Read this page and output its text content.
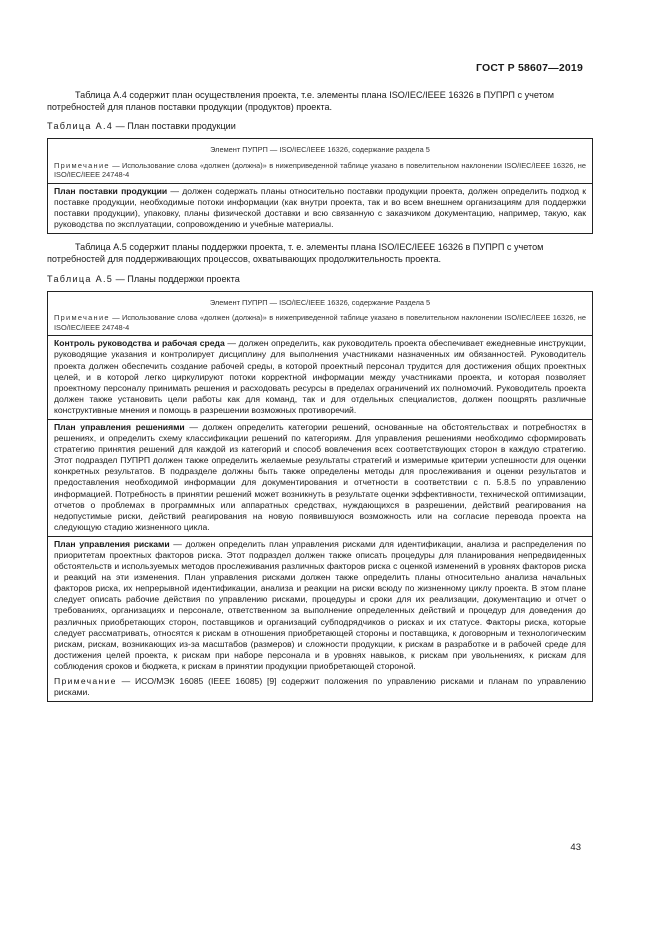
ГОСТ Р 58607—2019

Таблица А.4 содержит план осуществления проекта, т.е. элементы плана ISO/IEC/IEEE 16326 в ПУПРП с учетом потребностей для планов поставки продукции (продуктов) проекта.

Таблица А.4 — План поставки продукции
Элемент ПУПРП — ISO/IEC/IEEE 16326, содержание раздела 5
Примечание — Использование слова «должен (должна)» в нижеприведенной таблице указано в повелительном наклонении ISO/IEC/IEEE 16326, не ISO/IEC/IEEE 24748-4
План поставки продукции — должен содержать планы относительно поставки продукции проекта, должен определить подход к поставке продукции, необходимые потоки информации (как внутри проекта, так и во всем внешнем организациям для поддержки поставки продукции), упаковку, планы физической доставки и всю связанную с заказчиком документацию, например, такую, как руководства по эксплуатации, сопровождению и учебные материалы.

Таблица А.5 содержит планы поддержки проекта, т. е. элементы плана ISO/IEC/IEEE 16326 в ПУПРП с учетом потребностей для поддерживающих процессов, охватывающих продолжительность проекта.

Таблица А.5 — Планы поддержки проекта
Элемент ПУПРП — ISO/IEC/IEEE 16326, содержание Раздела 5
Примечание — Использование слова «должен (должна)» в нижеприведенной таблице указано в повелительном наклонении ISO/IEC/IEEE 16326, не ISO/IEC/IEEE 24748-4
Контроль руководства и рабочая среда — должен определить, как руководитель проекта обеспечивает ежедневные инструкции, руководящие указания и контролирует дисциплину для выполнения участниками назначенных им обязанностей. Руководитель проекта должен обеспечить создание рабочей среды, в которой проектный персонал трудится для достижения общих проектных целей, и в которой легко циркулируют потоки корректной информации между участниками проекта, и которая позволяет проектному персоналу принимать решения и расходовать ресурсы в пределах ограничений их полномочий. Руководитель проекта должен также установить цели работы как для команд, так и для отдельных специалистов, должен поощрять различные конструктивные мнения и помощь в разрешении возможных противоречий.
План управления решениями — должен определить категории решений, основанные на обстоятельствах и потребностях в решениях, и определить схему классификации решений по категориям. Для управления решениями необходимо сформировать стратегию принятия решений для каждой из категорий и способ вовлечения всех соответствующих сторон в каждую стратегию. Этот подраздел ПУПРП должен также определить желаемые результаты стратегий и измеримые критерии успешности для оценки конкретных результатов. В подразделе должны быть также определены методы для прослеживания и оценки результатов и предоставления необходимой информации для документирования и отчетности в соответствии с п. 5.8.5 по управлению информацией. Потребность в принятии решений может возникнуть в результате оценки эффективности, технической оптимизации, отчетов о проблемах в программных или аппаратных средствах, нуждающихся в разрешении, действий реагирования на недопустимые риски, действий реагирования на новую появившуюся возможность или на согласие перевода проекта на следующую стадию жизненного цикла.
План управления рисками — должен определить план управления рисками для идентификации, анализа и распределения по приоритетам проектных факторов риска. Этот подраздел должен также описать процедуры для планирования непредвиденных обстоятельств и используемых методов прослеживания различных факторов риска с оценкой изменений в уровнях факторов риска и реакций на эти изменения. План управления рисками должен также определить планы относительно анализа начальных факторов риска, их непрерывной идентификации, анализа и реакции на риски всюду по жизненному циклу проекта. В этом плане следует описать рабочие действия по управлению рисками, процедуры и сроки для их реализации, документацию и отчет о требованиях, организациях и персонале, ответственном за выполнение определенных действий и процедур для доведения до различных приобретающих сторон, поставщиков и организаций субподрядчиков о рисках и их статусе. Факторы риска, которые следует рассматривать, относятся к рискам в отношения приобретающей стороны и поставщика, к договорным и технологическим рискам, рискам, возникающих из-за масштабов (размеров) и сложности продукции, к рискам в разработке и в рабочей среде для достижения целей проекта, к рискам при наборе персонала и в уровнях навыков, к рискам при увольнениях, к рискам для соблюдения сроков и бюджета, к рискам в принятии продукции приобретающей стороной.
Примечание — ИСО/МЭК 16085 (IEEE 16085) [9] содержит положения по управлению рисками и планам по управлению рисками.
43
